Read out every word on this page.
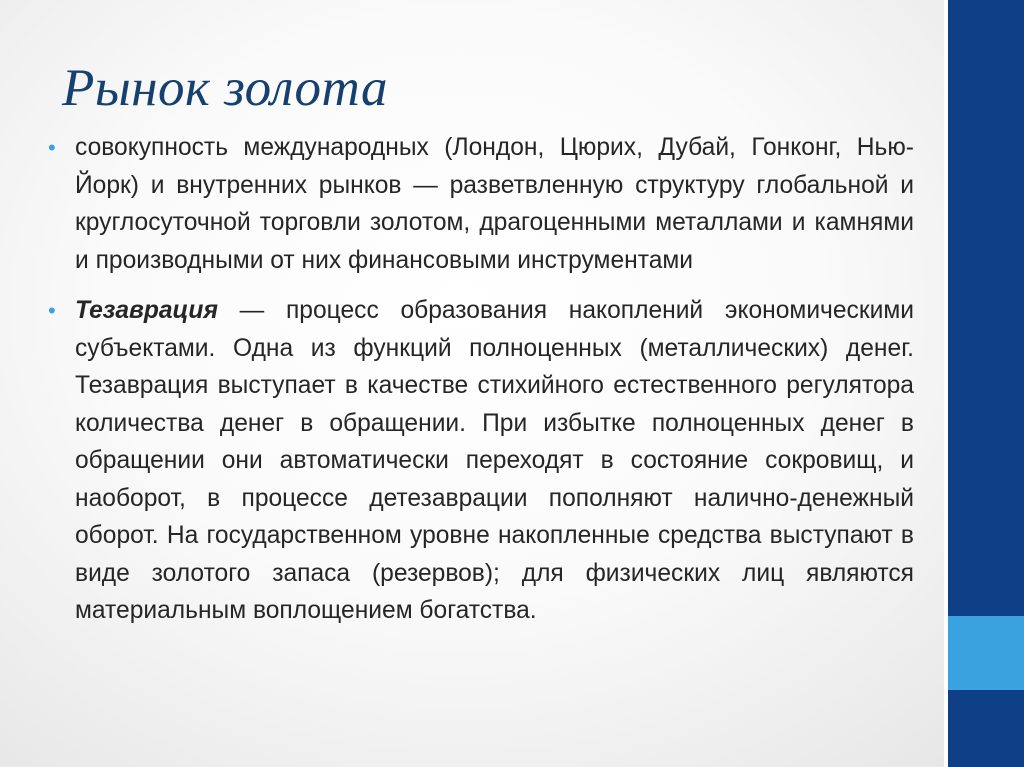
Рынок золота
• совокупность международных (Лондон, Цюрих, Дубай, Гонконг, Нью-Йорк) и внутренних рынков — разветвленную структуру глобальной и круглосуточной торговли золотом, драгоценными металлами и камнями и производными от них финансовыми инструментами

• Тезаврация — процесс образования накоплений экономическими субъектами. Одна из функций полноценных (металлических) денег. Тезаврация выступает в качестве стихийного естественного регулятора количества денег в обращении. При избытке полноценных денег в обращении они автоматически переходят в состояние сокровищ, и наоборот, в процессе детезаврации пополняют налично-денежный оборот. На государственном уровне накопленные средства выступают в виде золотого запаса (резервов); для физических лиц являются материальным воплощением богатства.
